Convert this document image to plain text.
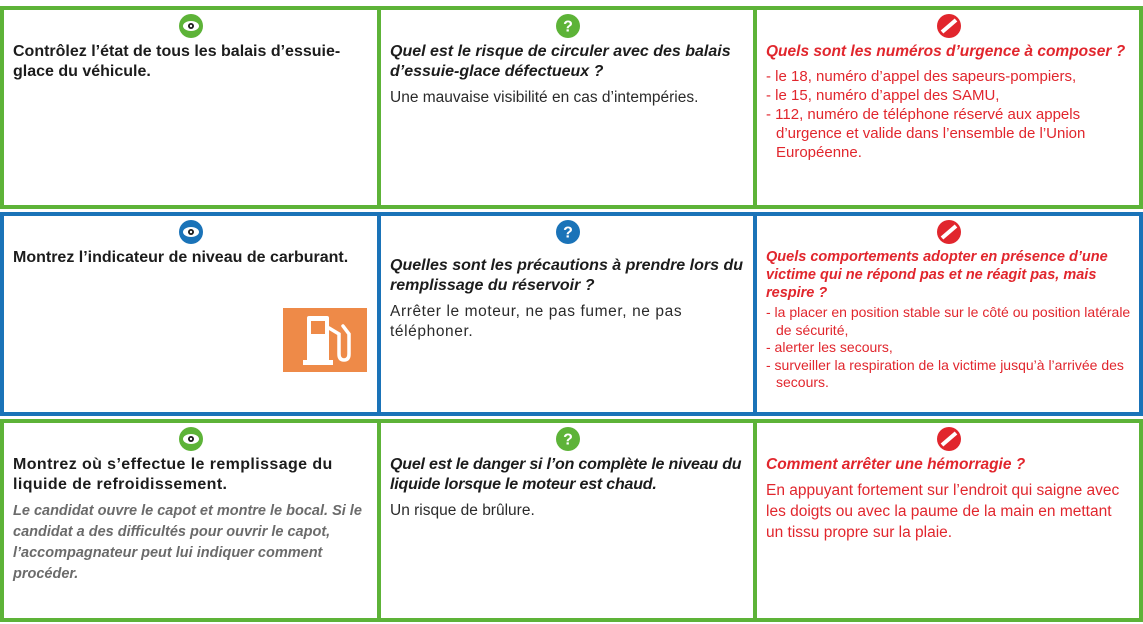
Contrôlez l’état de tous les balais d’essuie-glace du véhicule.
?
Quel est le risque de circuler avec des balais d’essuie-glace défectueux ?
Une mauvaise visibilité en cas d’intempéries.
Quels sont les numéros d’urgence à composer ?
- le 18, numéro d’appel des sapeurs-pompiers,
- le 15, numéro d’appel des SAMU,
- 112, numéro de téléphone réservé aux appels d’urgence et valide dans l’ensemble de l’Union Européenne.
Montrez l’indicateur de niveau de carburant.
?
Quelles sont les précautions à prendre lors du remplissage du réservoir ?
Arrêter le moteur, ne pas fumer, ne pas téléphoner.
Quels comportements adopter en présence d’une victime qui ne répond pas et ne réagit pas, mais respire ?
- la placer en position stable sur le côté ou position latérale de sécurité,
- alerter les secours,
- surveiller la respiration de la victime jusqu’à l’arrivée des secours.
Montrez où s’effectue le remplissage du liquide de refroidissement.
Le candidat ouvre le capot et montre le bocal. Si le candidat a des difficultés pour ouvrir le capot, l’accompagnateur peut lui indiquer comment procéder.
?
Quel est le danger si l’on complète le niveau du liquide lorsque le moteur est chaud.
Un risque de brûlure.
Comment arrêter une hémorragie ?
En appuyant fortement sur l’endroit qui saigne avec les doigts ou avec la paume de la main en mettant un tissu propre sur la plaie.
